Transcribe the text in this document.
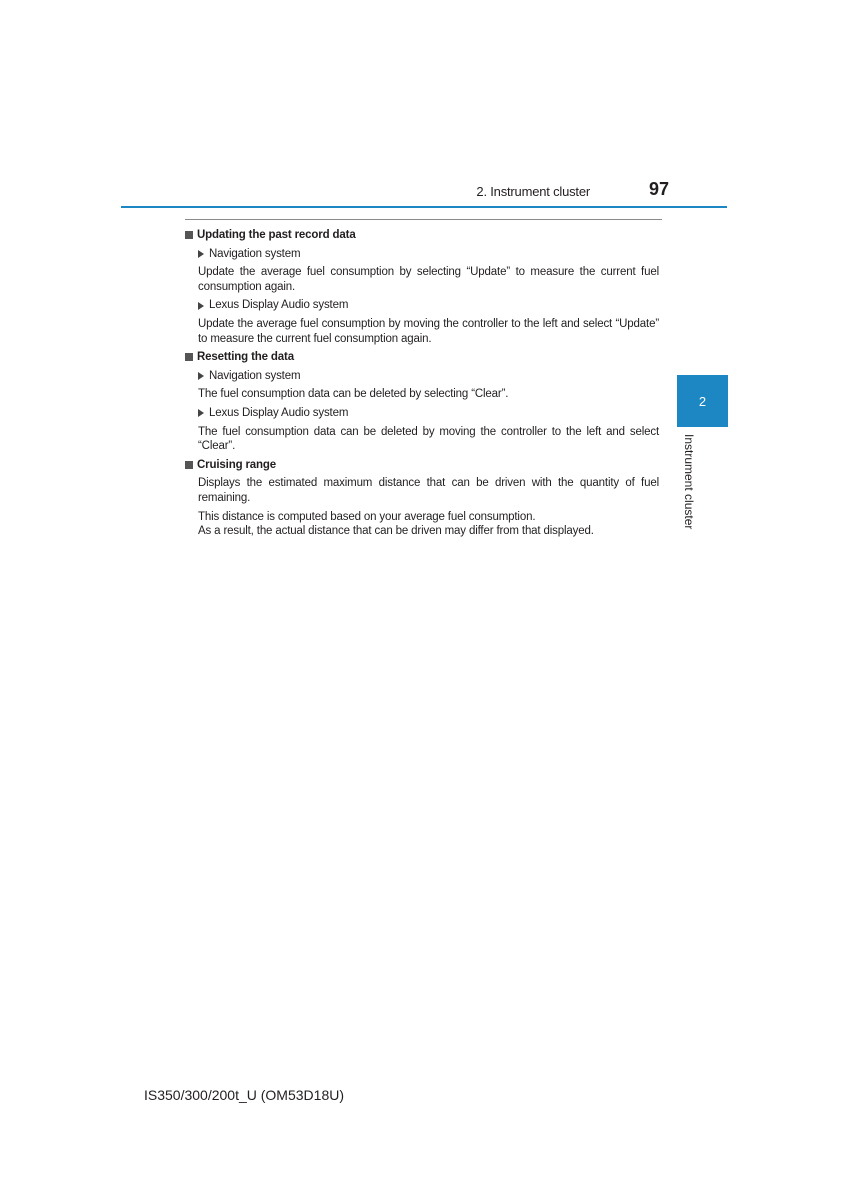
2. Instrument cluster	97
Updating the past record data
Navigation system

Update the average fuel consumption by selecting “Update” to measure the current fuel consumption again.

Lexus Display Audio system

Update the average fuel consumption by moving the controller to the left and select “Update” to measure the current fuel consumption again.

Resetting the data
Navigation system

The fuel consumption data can be deleted by selecting “Clear”.

Lexus Display Audio system

The fuel consumption data can be deleted by moving the controller to the left and select “Clear”.

Cruising range

Displays the estimated maximum distance that can be driven with the quantity of fuel remaining.

This distance is computed based on your average fuel consumption.

As a result, the actual distance that can be driven may differ from that displayed.

2
Instrument cluster
IS350/300/200t_U (OM53D18U)
